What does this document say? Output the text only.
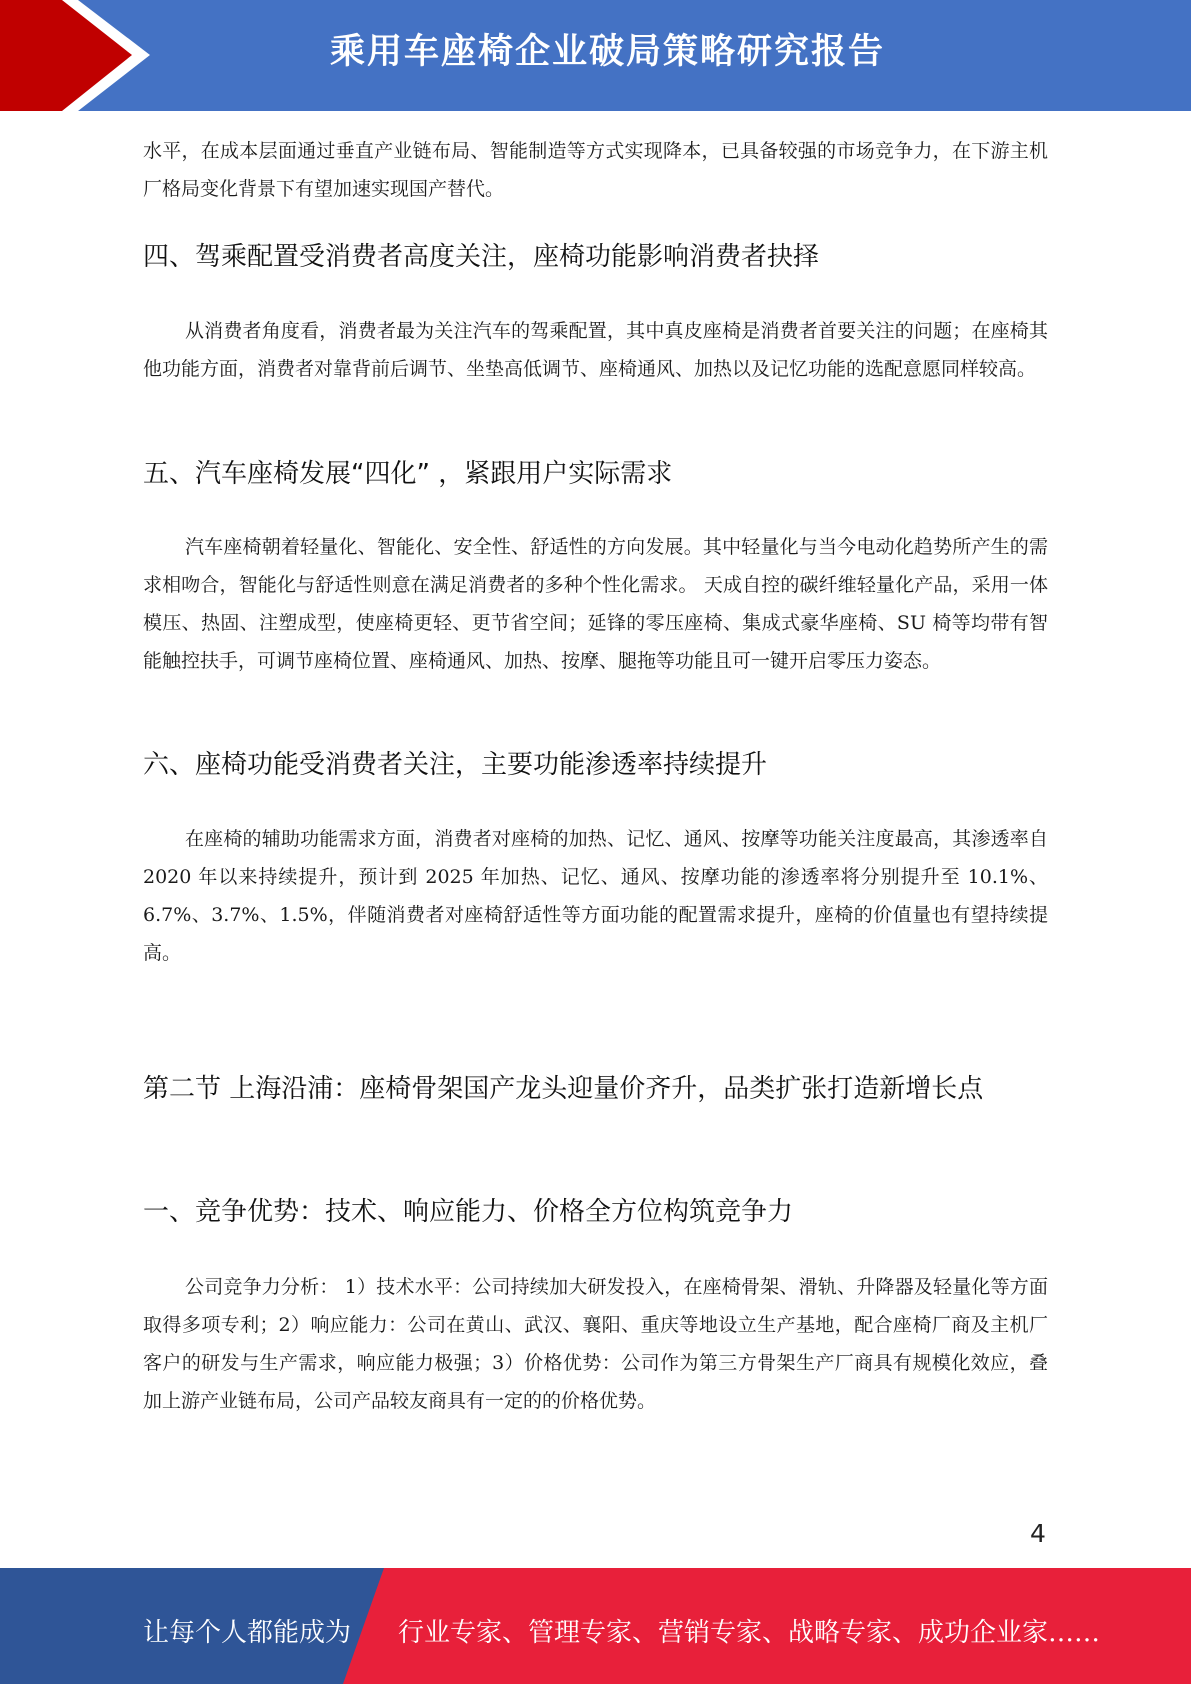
乘用车座椅企业破局策略研究报告

水平，在成本层面通过垂直产业链布局、智能制造等方式实现降本，已具备较强的市场竞争力，在下游主机厂格局变化背景下有望加速实现国产替代。

四、驾乘配置受消费者高度关注，座椅功能影响消费者抉择

从消费者角度看，消费者最为关注汽车的驾乘配置，其中真皮座椅是消费者首要关注的问题；在座椅其他功能方面，消费者对靠背前后调节、坐垫高低调节、座椅通风、加热以及记忆功能的选配意愿同样较高。

五、汽车座椅发展“四化” ，紧跟用户实际需求

汽车座椅朝着轻量化、智能化、安全性、舒适性的方向发展。其中轻量化与当今电动化趋势所产生的需求相吻合，智能化与舒适性则意在满足消费者的多种个性化需求。 天成自控的碳纤维轻量化产品，采用一体模压、热固、注塑成型，使座椅更轻、更节省空间；延锋的零压座椅、集成式豪华座椅、SU 椅等均带有智能触控扶手，可调节座椅位置、座椅通风、加热、按摩、腿拖等功能且可一键开启零压力姿态。

六、座椅功能受消费者关注，主要功能渗透率持续提升

在座椅的辅助功能需求方面，消费者对座椅的加热、记忆、通风、按摩等功能关注度最高，其渗透率自 2020 年以来持续提升，预计到 2025 年加热、记忆、通风、按摩功能的渗透率将分别提升至 10.1%、6.7%、3.7%、1.5%，伴随消费者对座椅舒适性等方面功能的配置需求提升，座椅的价值量也有望持续提高。

第二节 上海沿浦：座椅骨架国产龙头迎量价齐升，品类扩张打造新增长点
一、竞争优势：技术、响应能力、价格全方位构筑竞争力

公司竞争力分析： 1）技术水平：公司持续加大研发投入，在座椅骨架、滑轨、升降器及轻量化等方面取得多项专利；2）响应能力：公司在黄山、武汉、襄阳、重庆等地设立生产基地，配合座椅厂商及主机厂客户的研发与生产需求，响应能力极强；3）价格优势：公司作为第三方骨架生产厂商具有规模化效应，叠加上游产业链布局，公司产品较友商具有一定的的价格优势。

4
让每个人都能成为 行业专家、管理专家、营销专家、战略专家、成功企业家……
